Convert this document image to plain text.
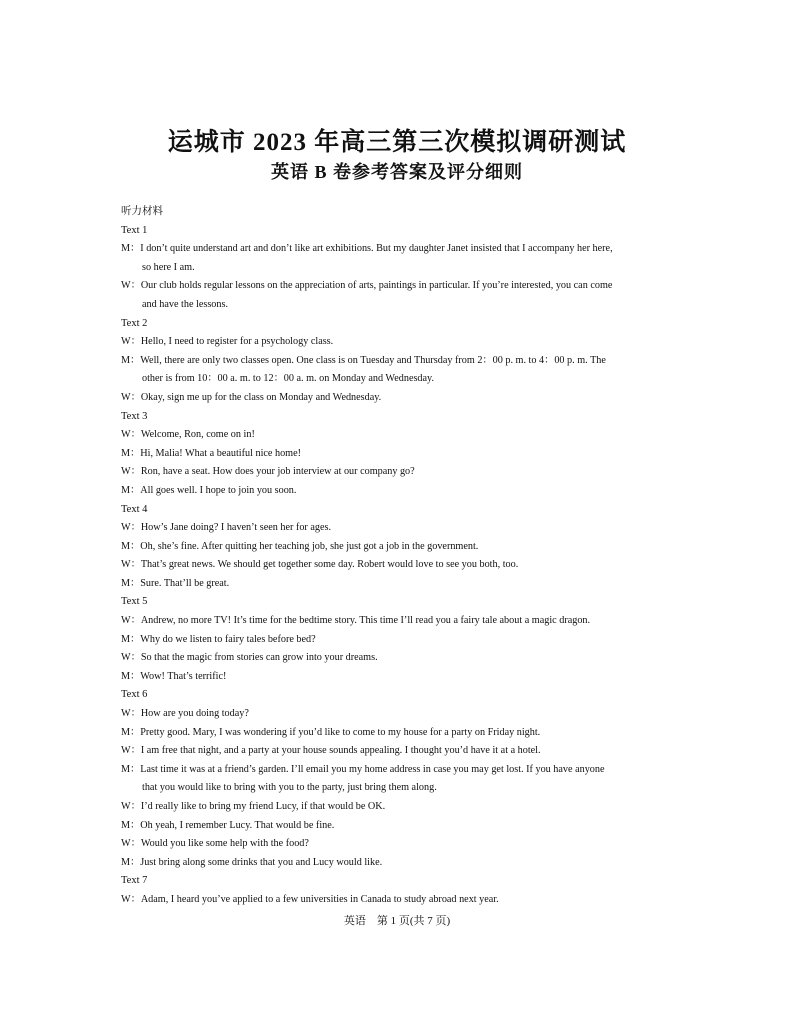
运城市 2023 年高三第三次模拟调研测试
英语 B 卷参考答案及评分细则
听力材料
Text 1
M： I don’t quite understand art and don’t like art exhibitions. But my daughter Janet insisted that I accompany her here,
so here I am.
W： Our club holds regular lessons on the appreciation of arts, paintings in particular. If you’re interested, you can come
and have the lessons.
Text 2
W： Hello, I need to register for a psychology class.
M： Well, there are only two classes open. One class is on Tuesday and Thursday from 2：00 p. m. to 4：00 p. m. The
other is from 10：00 a. m. to 12：00 a. m. on Monday and Wednesday.
W： Okay, sign me up for the class on Monday and Wednesday.
Text 3
W： Welcome, Ron, come on in!
M： Hi, Malia! What a beautiful nice home!
W： Ron, have a seat. How does your job interview at our company go?
M： All goes well. I hope to join you soon.
Text 4
W： How’s Jane doing? I haven’t seen her for ages.
M： Oh, she’s fine. After quitting her teaching job, she just got a job in the government.
W： That’s great news. We should get together some day. Robert would love to see you both, too.
M： Sure. That’ll be great.
Text 5
W： Andrew, no more TV! It’s time for the bedtime story. This time I’ll read you a fairy tale about a magic dragon.
M： Why do we listen to fairy tales before bed?
W： So that the magic from stories can grow into your dreams.
M： Wow! That’s terrific!
Text 6
W： How are you doing today?
M： Pretty good. Mary, I was wondering if you’d like to come to my house for a party on Friday night.
W： I am free that night, and a party at your house sounds appealing. I thought you’d have it at a hotel.
M： Last time it was at a friend’s garden. I’ll email you my home address in case you may get lost. If you have anyone
that you would like to bring with you to the party, just bring them along.
W： I’d really like to bring my friend Lucy, if that would be OK.
M： Oh yeah, I remember Lucy. That would be fine.
W： Would you like some help with the food?
M： Just bring along some drinks that you and Lucy would like.
Text 7
W： Adam, I heard you’ve applied to a few universities in Canada to study abroad next year.
英语　第 1 页(共 7 页)
